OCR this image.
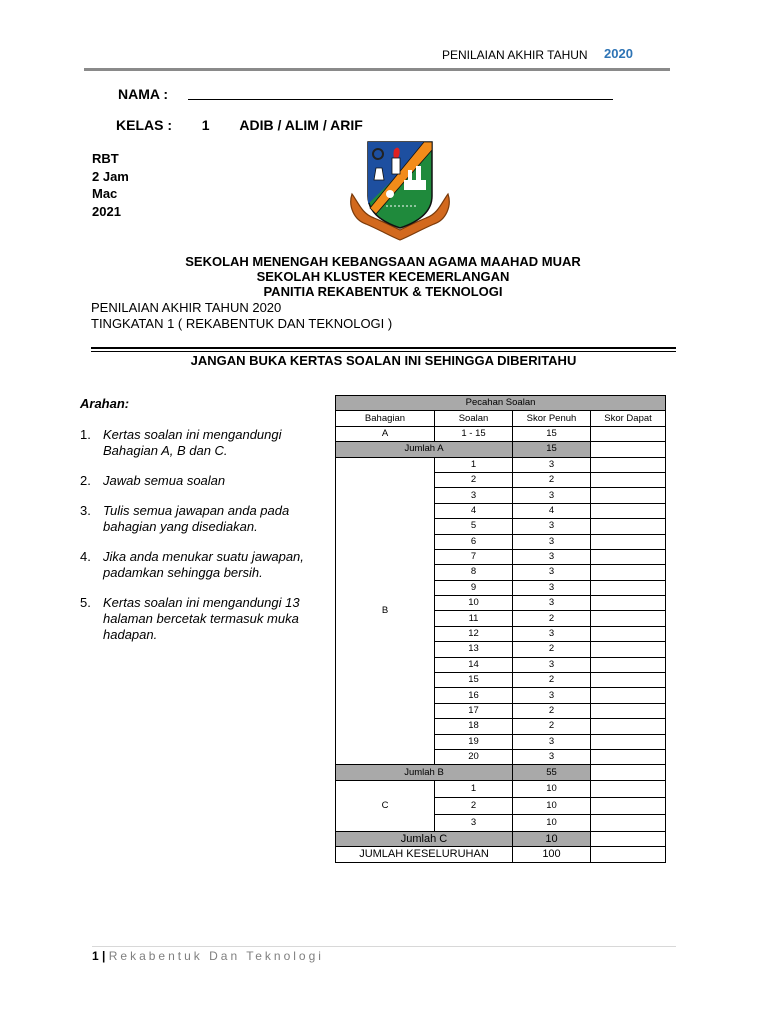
PENILAIAN AKHIR TAHUN 2020
NAMA :
KELAS : 1 ADIB / ALIM / ARIF
RBT
2 Jam
Mac
2021
SEKOLAH MENENGAH KEBANGSAAN AGAMA MAAHAD MUAR
SEKOLAH KLUSTER KECEMERLANGAN
PANITIA REKABENTUK & TEKNOLOGI
PENILAIAN AKHIR TAHUN 2020
TINGKATAN 1 ( REKABENTUK DAN TEKNOLOGI )
JANGAN BUKA KERTAS SOALAN INI SEHINGGA DIBERITAHU
Arahan:
1. Kertas soalan ini mengandungi Bahagian A, B dan C.
2. Jawab semua soalan
3. Tulis semua jawapan anda pada bahagian yang disediakan.
4. Jika anda menukar suatu jawapan, padamkan sehingga bersih.
5. Kertas soalan ini mengandungi 13 halaman bercetak termasuk muka hadapan.
Pecahan Soalan			
Bahagian	Soalan	Skor Penuh	Skor Dapat
A	1 - 15	15	
Jumlah A		15	
B	1	3	
	2	2	
	3	3	
	4	4	
	5	3	
	6	3	
	7	3	
	8	3	
	9	3	
	10	3	
	11	2	
	12	3	
	13	2	
	14	3	
	15	2	
	16	3	
	17	2	
	18	2	
	19	3	
	20	3	
Jumlah B		55	
C	1	10	
	2	10	
	3	10	
Jumlah C		10	
JUMLAH KESELURUHAN		100	
1 | Rekabentuk Dan Teknologi
